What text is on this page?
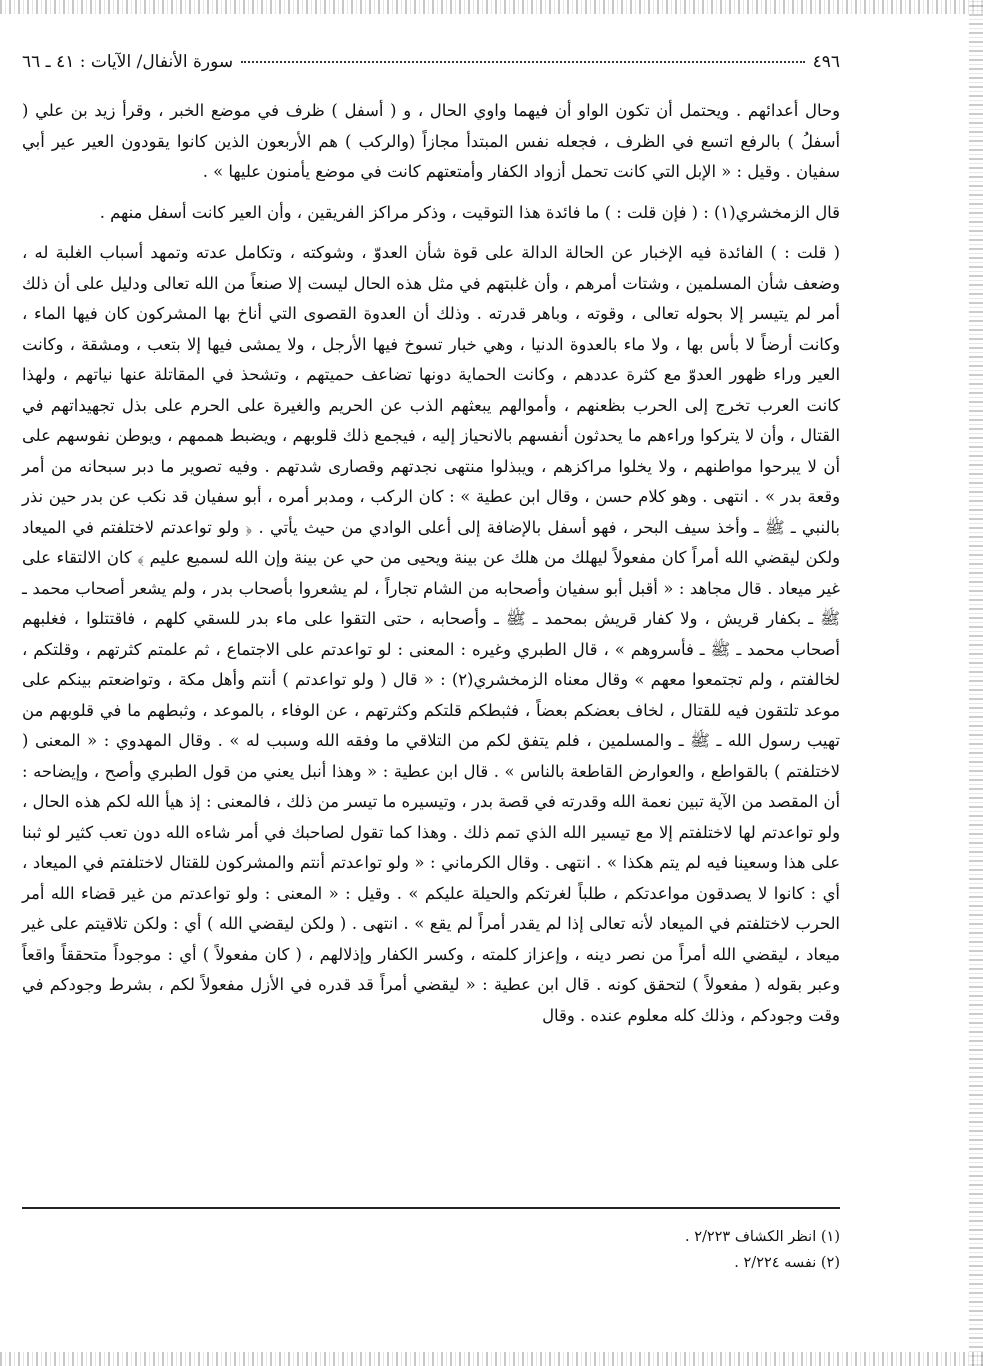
٤٩٦
سورة الأنفال/ الآيات : ٤١ ـ ٦٦

وحال أعدائهم . ويحتمل أن تكون الواو أن فيهما واوي الحال ، و ( أسفل ) ظرف في موضع الخبر ، وقرأ زيد بن علي ( أسفلُ ) بالرفع اتسع في الظرف ، فجعله نفس المبتدأ مجازاً (والركب ) هم الأربعون الذين كانوا يقودون العير عير أبي سفيان . وقيل : « الإبل التي كانت تحمل أزواد الكفار وأمتعتهم كانت في موضع يأمنون عليها » .

قال الزمخشري(١) : ( فإن قلت : ) ما فائدة هذا التوقيت ، وذكر مراكز الفريقين ، وأن العير كانت أسفل منهم .

( قلت : ) الفائدة فيه الإخبار عن الحالة الدالة على قوة شأن العدوّ ، وشوكته ، وتكامل عدته وتمهد أسباب الغلبة له ، وضعف شأن المسلمين ، وشتات أمرهم ، وأن غلبتهم في مثل هذه الحال ليست إلا صنعاً من الله تعالى ودليل على أن ذلك أمر لم يتيسر إلا بحوله تعالى ، وقوته ، وباهر قدرته . وذلك أن العدوة القصوى التي أناخ بها المشركون كان فيها الماء ، وكانت أرضاً لا بأس بها ، ولا ماء بالعدوة الدنيا ، وهي خبار تسوخ فيها الأرجل ، ولا يمشى فيها إلا بتعب ، ومشقة ، وكانت العير وراء ظهور العدوّ مع كثرة عددهم ، وكانت الحماية دونها تضاعف حميتهم ، وتشحذ في المقاتلة عنها نياتهم ، ولهذا كانت العرب تخرج إلى الحرب بظعنهم ، وأموالهم يبعثهم الذب عن الحريم والغيرة على الحرم على بذل تجهيداتهم في القتال ، وأن لا يتركوا وراءهم ما يحدثون أنفسهم بالانحياز إليه ، فيجمع ذلك قلوبهم ، ويضبط هممهم ، ويوطن نفوسهم على أن لا يبرحوا مواطنهم ، ولا يخلوا مراكزهم ، ويبذلوا منتهى نجدتهم وقصارى شدتهم . وفيه تصوير ما دبر سبحانه من أمر وقعة بدر » . انتهى . وهو كلام حسن ، وقال ابن عطية » : كان الركب ، ومدبر أمره ، أبو سفيان قد نكب عن بدر حين نذر بالنبي ـ ﷺ ـ وأخذ سيف البحر ، فهو أسفل بالإضافة إلى أعلى الوادي من حيث يأتي . ﴿ ولو تواعدتم لاختلفتم في الميعاد ولكن ليقضي الله أمراً كان مفعولاً ليهلك من هلك عن بينة ويحيى من حي عن بينة وإن الله لسميع عليم ﴾ كان الالتقاء على غير ميعاد . قال مجاهد : « أقبل أبو سفيان وأصحابه من الشام تجاراً ، لم يشعروا بأصحاب بدر ، ولم يشعر أصحاب محمد ـ ﷺ ـ بكفار قريش ، ولا كفار قريش بمحمد ـ ﷺ ـ وأصحابه ، حتى التقوا على ماء بدر للسقي كلهم ، فاقتتلوا ، فغلبهم أصحاب محمد ـ ﷺ ـ فأسروهم » ، قال الطبري وغيره : المعنى : لو تواعدتم على الاجتماع ، ثم علمتم كثرتهم ، وقلتكم ، لخالفتم ، ولم تجتمعوا معهم » وقال معناه الزمخشري(٢) : « قال ( ولو تواعدتم ) أنتم وأهل مكة ، وتواضعتم بينكم على موعد تلتقون فيه للقتال ، لخاف بعضكم بعضاً ، فثبطكم قلتكم وكثرتهم ، عن الوفاء ، بالموعد ، وثبطهم ما في قلوبهم من تهيب رسول الله ـ ﷺ ـ والمسلمين ، فلم يتفق لكم من التلاقي ما وفقه الله وسبب له » . وقال المهدوي : « المعنى ( لاختلفتم ) بالقواطع ، والعوارض القاطعة بالناس » . قال ابن عطية : « وهذا أنبل يعني من قول الطبري وأصح ، وإيضاحه : أن المقصد من الآية تبين نعمة الله وقدرته في قصة بدر ، وتيسيره ما تيسر من ذلك ، فالمعنى : إذ هيأ الله لكم هذه الحال ، ولو تواعدتم لها لاختلفتم إلا مع تيسير الله الذي تمم ذلك . وهذا كما تقول لصاحبك في أمر شاءه الله دون تعب كثير لو ثبنا على هذا وسعينا فيه لم يتم هكذا » . انتهى . وقال الكرماني : « ولو تواعدتم أنتم والمشركون للقتال لاختلفتم في الميعاد ، أي : كانوا لا يصدقون مواعدتكم ، طلباً لغرتكم والحيلة عليكم » . وقيل : « المعنى : ولو تواعدتم من غير قضاء الله أمر الحرب لاختلفتم في الميعاد لأنه تعالى إذا لم يقدر أمراً لم يقع » . انتهى . ( ولكن ليقضي الله ) أي : ولكن تلاقيتم على غير ميعاد ، ليقضي الله أمراً من نصر دينه ، وإعزاز كلمته ، وكسر الكفار وإذلالهم ، ( كان مفعولاً ) أي : موجوداً متحققاً واقعاً وعبر بقوله ( مفعولاً ) لتحقق كونه . قال ابن عطية : « ليقضي أمراً قد قدره في الأزل مفعولاً لكم ، بشرط وجودكم في وقت وجودكم ، وذلك كله معلوم عنده . وقال

(١) انظر الكشاف ٢/٢٢٣ .

(٢) نفسه ٢/٢٢٤ .
